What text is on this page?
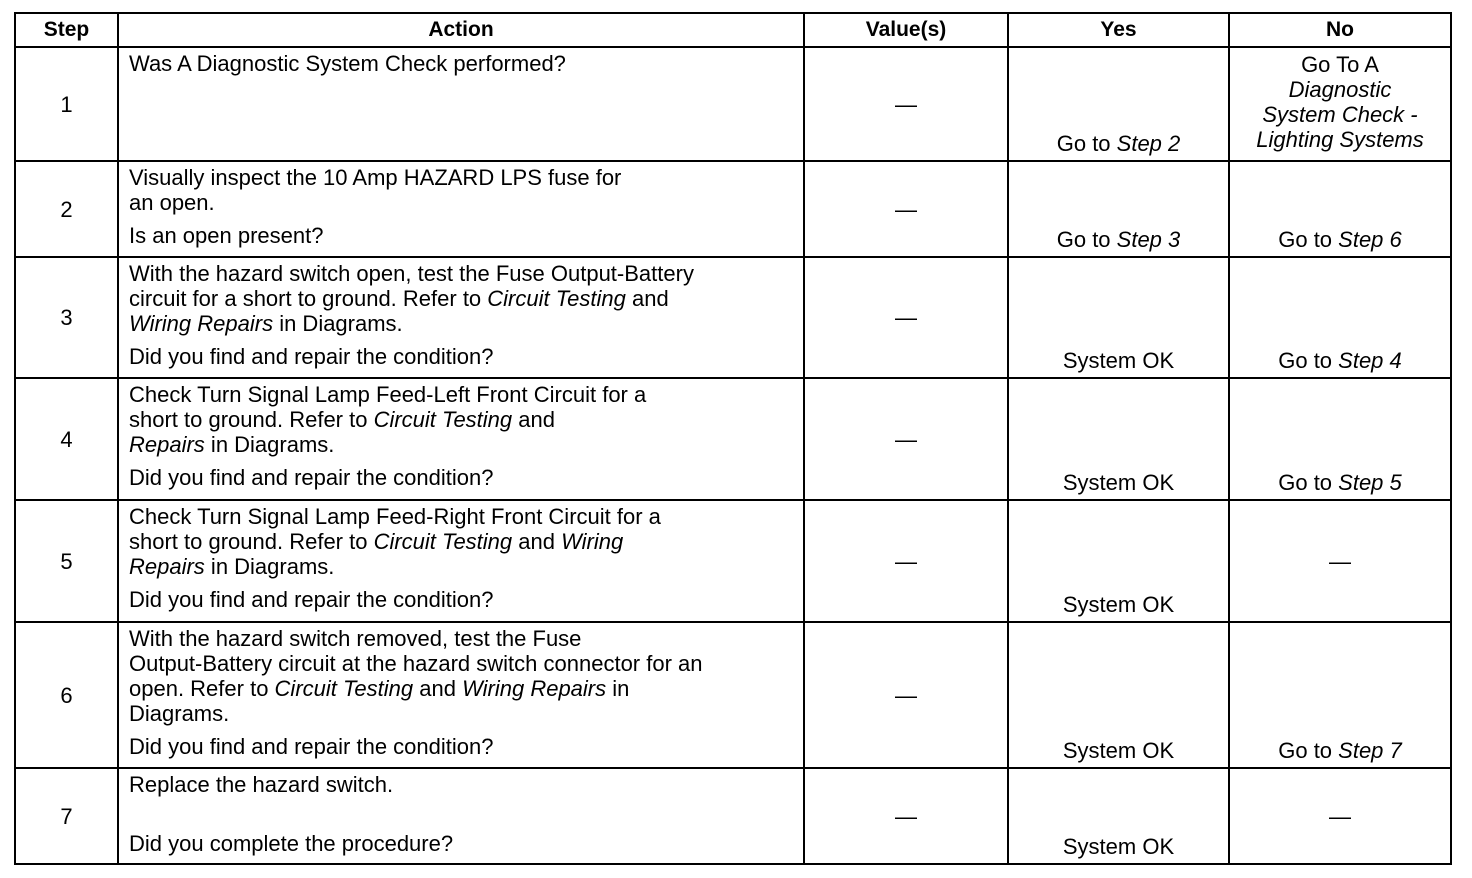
Step	Action	Value(s)	Yes	No
1	Was A Diagnostic System Check performed?	—	Go to Step 2	Go To A
Diagnostic
System Check -
Lighting Systems

2	Visually inspect the 10 Amp HAZARD LPS fuse for
an open.
Is an open present?	—	Go to Step 3	Go to Step 6
3	With the hazard switch open, test the Fuse Output-Battery
circuit for a short to ground. Refer to Circuit Testing and
Wiring Repairs in Diagrams.
Did you find and repair the condition?	—	System OK	Go to Step 4
4	Check Turn Signal Lamp Feed-Left Front Circuit for a
short to ground. Refer to Circuit Testing and
Repairs in Diagrams.
Did you find and repair the condition?	—	System OK	Go to Step 5
5	Check Turn Signal Lamp Feed-Right Front Circuit for a
short to ground. Refer to Circuit Testing and Wiring
Repairs in Diagrams.
Did you find and repair the condition?	—	System OK	—
6	With the hazard switch removed, test the Fuse
Output-Battery circuit at the hazard switch connector for an
open. Refer to Circuit Testing and Wiring Repairs in
Diagrams.
Did you find and repair the condition?	—	System OK	Go to Step 7
7	Replace the hazard switch.
Did you complete the procedure?	—	System OK	—
